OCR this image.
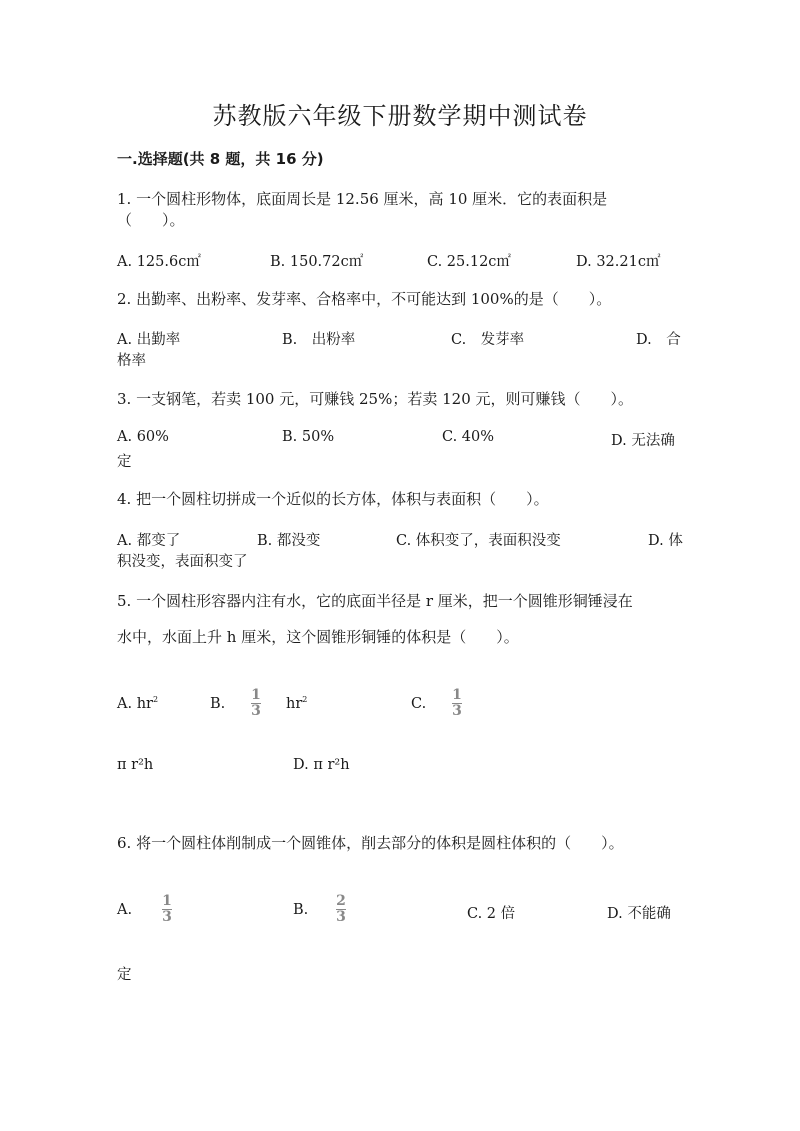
苏教版六年级下册数学期中测试卷
一.选择题(共 8 题，共 16 分)
1. 一个圆柱形物体，底面周长是 12.56 厘米，高 10 厘米．它的表面积是
（　　）。
A. 125.6c㎡	B. 150.72c㎡	C. 25.12c㎡	D. 32.21c㎡
2. 出勤率、出粉率、发芽率、合格率中，不可能达到 100%的是（　　）。
A. 出勤率	B.　出粉率	C.　发芽率	D.　合
格率
3. 一支钢笔，若卖 100 元，可赚钱 25%；若卖 120 元，则可赚钱（　　）。
A. 60%	B. 50%	C. 40%	D. 无法确
定
4. 把一个圆柱切拼成一个近似的长方体，体积与表面积（　　）。
A. 都变了	B. 都没变	C. 体积变了，表面积没变	D. 体
积没变，表面积变了
5. 一个圆柱形容器内注有水，它的底面半径是 r 厘米，把一个圆锥形铜锤浸在
水中，水面上升 h 厘米，这个圆锥形铜锤的体积是（　　）。
A. $hr^2$	B.
1
3 $hr^2$	C.
1
3
π r²h	D. π r²h
6. 将一个圆柱体削制成一个圆锥体，削去部分的体积是圆柱体积的（　　）。
A.
1
3	B.
2
3	C. 2 倍	D. 不能确
定
